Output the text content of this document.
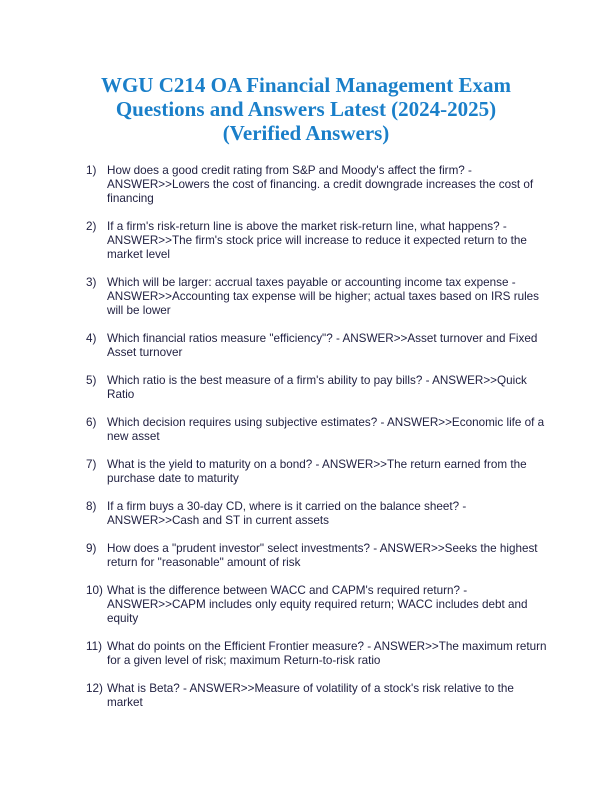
WGU C214 OA Financial Management Exam
Questions and Answers Latest (2024-2025)
(Verified Answers)
1) How does a good credit rating from S&P and Moody's affect the firm? - ANSWER>>Lowers the cost of financing. a credit downgrade increases the cost of financing
2) If a firm's risk-return line is above the market risk-return line, what happens? - ANSWER>>The firm's stock price will increase to reduce it expected return to the market level
3) Which will be larger: accrual taxes payable or accounting income tax expense - ANSWER>>Accounting tax expense will be higher; actual taxes based on IRS rules will be lower
4) Which financial ratios measure "efficiency"? - ANSWER>>Asset turnover and Fixed Asset turnover
5) Which ratio is the best measure of a firm's ability to pay bills? - ANSWER>>Quick Ratio
6) Which decision requires using subjective estimates? - ANSWER>>Economic life of a new asset
7) What is the yield to maturity on a bond? - ANSWER>>The return earned from the purchase date to maturity
8) If a firm buys a 30-day CD, where is it carried on the balance sheet? - ANSWER>>Cash and ST in current assets
9) How does a "prudent investor" select investments? - ANSWER>>Seeks the highest return for "reasonable" amount of risk
10) What is the difference between WACC and CAPM's required return? - ANSWER>>CAPM includes only equity required return; WACC includes debt and equity
11) What do points on the Efficient Frontier measure? - ANSWER>>The maximum return for a given level of risk; maximum Return-to-risk ratio
12) What is Beta? - ANSWER>>Measure of volatility of a stock's risk relative to the market
